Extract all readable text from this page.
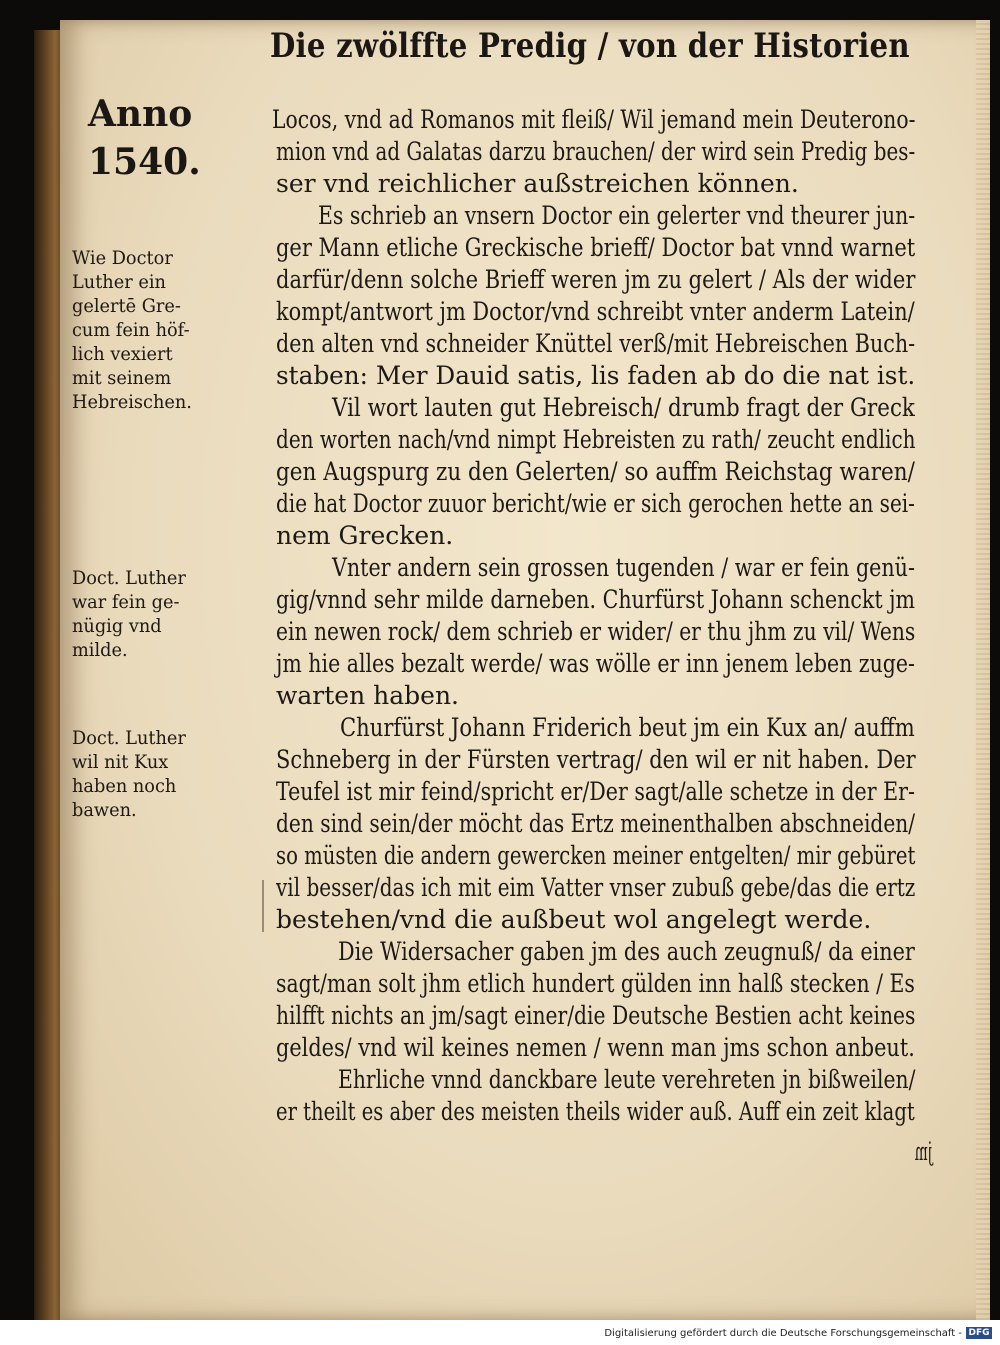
Die zwölffte Predig / von der Historien
Anno
1540.
Locos, vnd ad Romanos mit fleiß/ Wil jemand mein Deuterono-
mion vnd ad Galatas darzu brauchen/ der wird sein Predig bes-
ser vnd reichlicher außstreichen können.
Es schrieb an vnsern Doctor ein gelerter vnd theurer jun-
ger Mann etliche Greckische brieff/ Doctor bat vnnd warnet
darfür/denn solche Brieff weren jm zu gelert / Als der wider
kompt/antwort jm Doctor/vnd schreibt vnter anderm Latein/
den alten vnd schneider Knüttel verß/mit Hebreischen Buch-
staben: Mer Dauid satis, lis faden ab do die nat ist.
Vil wort lauten gut Hebreisch/ drumb fragt der Greck
den worten nach/vnd nimpt Hebreisten zu rath/ zeucht endlich
gen Augspurg zu den Gelerten/ so auffm Reichstag waren/
die hat Doctor zuuor bericht/wie er sich gerochen hette an sei-
nem Grecken.
Vnter andern sein grossen tugenden / war er fein genü-
gig/vnnd sehr milde darneben. Churfürst Johann schenckt jm
ein newen rock/ dem schrieb er wider/ er thu jhm zu vil/ Wens
jm hie alles bezalt werde/ was wölle er inn jenem leben zuge-
warten haben.
Churfürst Johann Friderich beut jm ein Kux an/ auffm
Schneberg in der Fürsten vertrag/ den wil er nit haben. Der
Teufel ist mir feind/spricht er/Der sagt/alle schetze in der Er-
den sind sein/der möcht das Ertz meinenthalben abschneiden/
so müsten die andern gewercken meiner entgelten/ mir gebüret
vil besser/das ich mit eim Vatter vnser zubuß gebe/das die ertz
bestehen/vnd die außbeut wol angelegt werde.
Die Widersacher gaben jm des auch zeugnuß/ da einer
sagt/man solt jhm etlich hundert gülden inn halß stecken / Es
hilfft nichts an jm/sagt einer/die Deutsche Bestien acht keines
geldes/ vnd wil keines nemen / wenn man jms schon anbeut.
Ehrliche vnnd danckbare leute verehreten jn bißweilen/
er theilt es aber des meisten theils wider auß. Auff ein zeit klagt
jm
Wie Doctor
Luther ein
gelertē Gre-
cum fein höf-
lich vexiert
mit seinem
Hebreischen.
Doct. Luther
war fein ge-
nügig vnd
milde.
Doct. Luther
wil nit Kux
haben noch
bawen.
Digitalisierung gefördert durch die Deutsche Forschungsgemeinschaft - DFG
